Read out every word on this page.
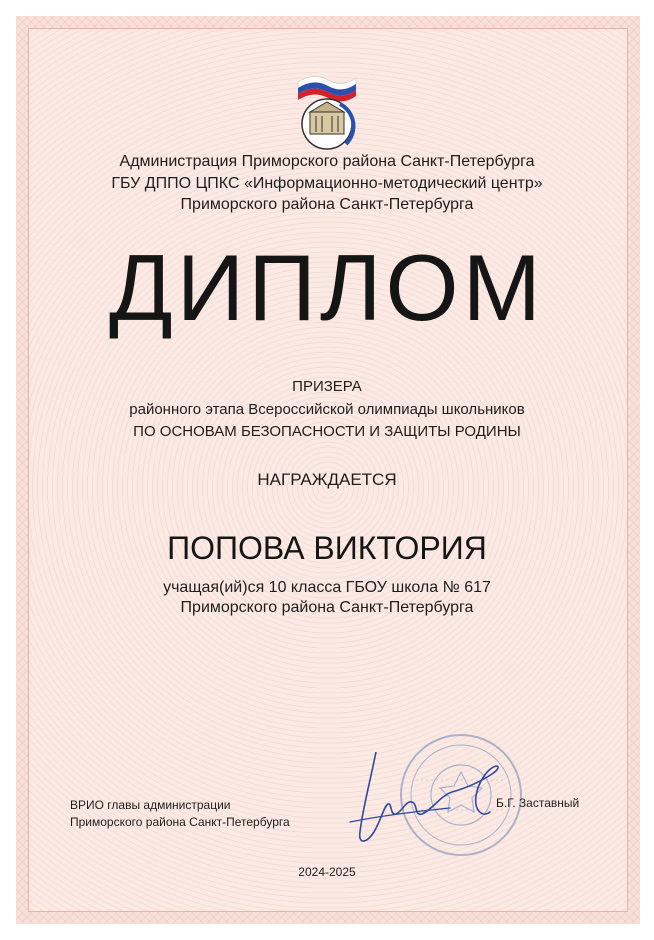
Администрация Приморского района Санкт-Петербурга
ГБУ ДППО ЦПКС «Информационно-методический центр»
Приморского района Санкт-Петербурга
ДИПЛОМ
ПРИЗЕРА
районного этапа Всероссийской олимпиады школьников
ПО ОСНОВАМ БЕЗОПАСНОСТИ И ЗАЩИТЫ РОДИНЫ
НАГРАЖДАЕТСЯ
ПОПОВА ВИКТОРИЯ
учащая(ий)ся 10 класса ГБОУ школа № 617
Приморского района Санкт-Петербурга
ВРИО главы администрации
Приморского района Санкт-Петербурга
Б.Г. Заставный
2024-2025
